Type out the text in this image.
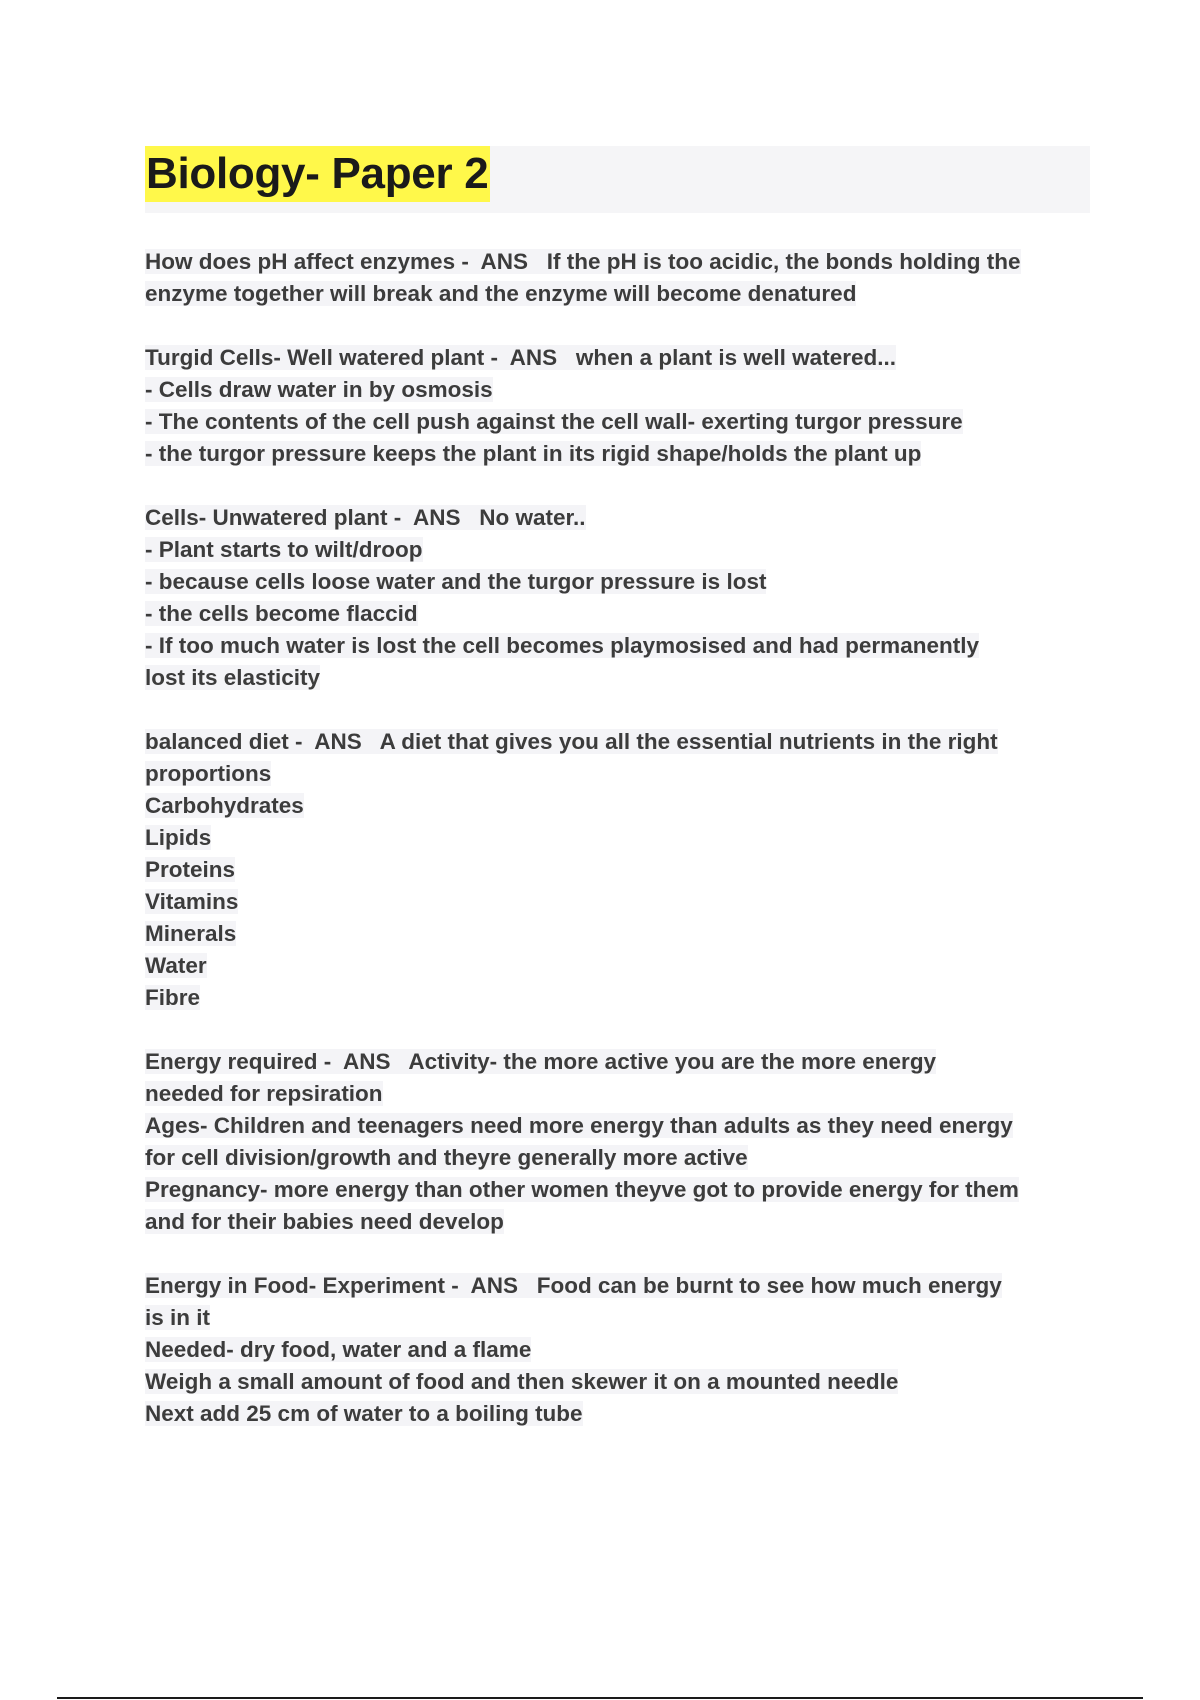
Biology- Paper 2
How does pH affect enzymes -  ANS   If the pH is too acidic, the bonds holding the
enzyme together will break and the enzyme will become denatured
Turgid Cells- Well watered plant -  ANS   when a plant is well watered...
- Cells draw water in by osmosis
- The contents of the cell push against the cell wall- exerting turgor pressure
- the turgor pressure keeps the plant in its rigid shape/holds the plant up
Cells- Unwatered plant -  ANS   No water..
- Plant starts to wilt/droop
- because cells loose water and the turgor pressure is lost
- the cells become flaccid
- If too much water is lost the cell becomes playmosised and had permanently
lost its elasticity
balanced diet -  ANS   A diet that gives you all the essential nutrients in the right
proportions
Carbohydrates
Lipids
Proteins
Vitamins
Minerals
Water
Fibre
Energy required -  ANS   Activity- the more active you are the more energy
needed for repsiration
Ages- Children and teenagers need more energy than adults as they need energy
for cell division/growth and theyre generally more active
Pregnancy- more energy than other women theyve got to provide energy for them
and for their babies need develop
Energy in Food- Experiment -  ANS   Food can be burnt to see how much energy
is in it
Needed- dry food, water and a flame
Weigh a small amount of food and then skewer it on a mounted needle
Next add 25 cm of water to a boiling tube
